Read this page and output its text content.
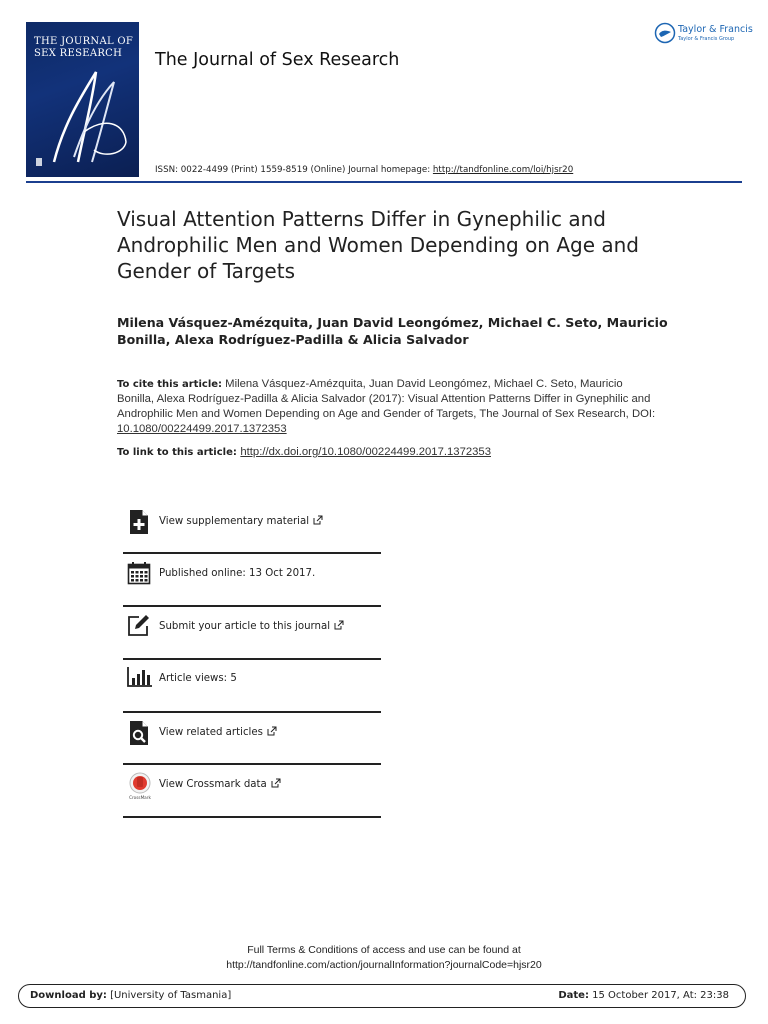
THE JOURNAL OF
SEX RESEARCH	The Journal of Sex Research
Taylor & Francis
Taylor & Francis Group
ISSN: 0022-4499 (Print) 1559-8519 (Online) Journal homepage: http://tandfonline.com/loi/hjsr20
Visual Attention Patterns Differ in Gynephilic and Androphilic Men and Women Depending on Age and Gender of Targets
Milena Vásquez-Amézquita, Juan David Leongómez, Michael C. Seto, Mauricio Bonilla, Alexa Rodríguez-Padilla & Alicia Salvador
To cite this article: Milena Vásquez-Amézquita, Juan David Leongómez, Michael C. Seto, Mauricio Bonilla, Alexa Rodríguez-Padilla & Alicia Salvador (2017): Visual Attention Patterns Differ in Gynephilic and Androphilic Men and Women Depending on Age and Gender of Targets, The Journal of Sex Research, DOI: 10.1080/00224499.2017.1372353
To link to this article: http://dx.doi.org/10.1080/00224499.2017.1372353
View supplementary material
Published online: 13 Oct 2017.
Submit your article to this journal
Article views: 5
View related articles
CrossMark
View Crossmark data
Full Terms & Conditions of access and use can be found at
http://tandfonline.com/action/journalInformation?journalCode=hjsr20
Download by: [University of Tasmania]	Date: 15 October 2017, At: 23:38
